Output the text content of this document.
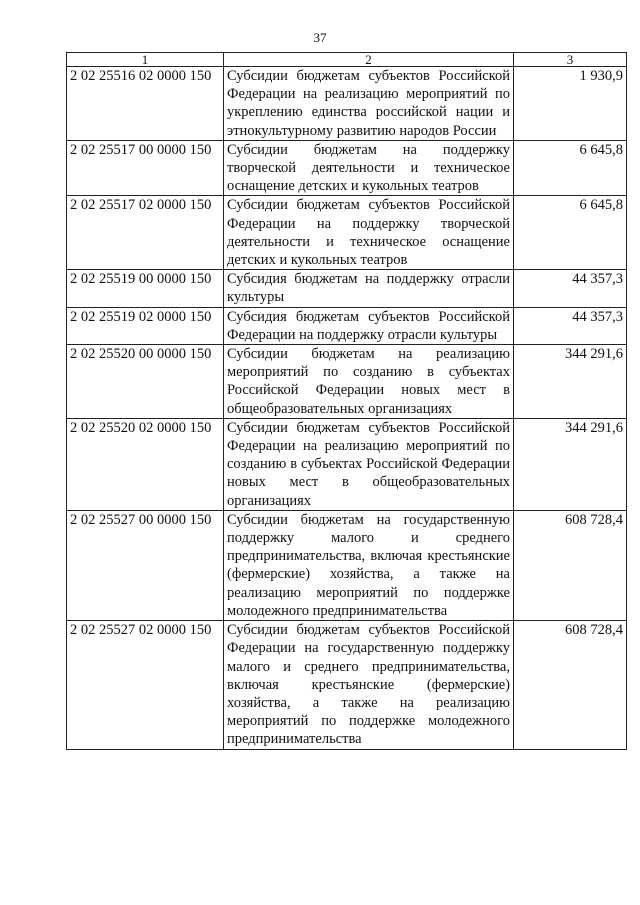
37
1	2	3
2 02 25516 02 0000 150	Субсидии бюджетам субъектов Российской Федерации на реализацию мероприятий по укреплению единства российской нации и этнокультурному развитию народов России	1 930,9
2 02 25517 00 0000 150	Субсидии бюджетам на поддержку творческой деятельности и техническое оснащение детских и кукольных театров	6 645,8
2 02 25517 02 0000 150	Субсидии бюджетам субъектов Российской Федерации на поддержку творческой деятельности и техническое оснащение детских и кукольных театров	6 645,8
2 02 25519 00 0000 150	Субсидия бюджетам на поддержку отрасли культуры	44 357,3
2 02 25519 02 0000 150	Субсидия бюджетам субъектов Российской Федерации на поддержку отрасли культуры	44 357,3
2 02 25520 00 0000 150	Субсидии бюджетам на реализацию мероприятий по созданию в субъектах Российской Федерации новых мест в общеобразовательных организациях	344 291,6
2 02 25520 02 0000 150	Субсидии бюджетам субъектов Российской Федерации на реализацию мероприятий по созданию в субъектах Российской Федерации новых мест в общеобразовательных организациях	344 291,6
2 02 25527 00 0000 150	Субсидии бюджетам на государственную поддержку малого и среднего предпринимательства, включая крестьянские (фермерские) хозяйства, а также на реализацию мероприятий по поддержке молодежного предпринимательства	608 728,4
2 02 25527 02 0000 150	Субсидии бюджетам субъектов Российской Федерации на государственную поддержку малого и среднего предпринимательства, включая крестьянские (фермерские) хозяйства, а также на реализацию мероприятий по поддержке молодежного предпринимательства	608 728,4
